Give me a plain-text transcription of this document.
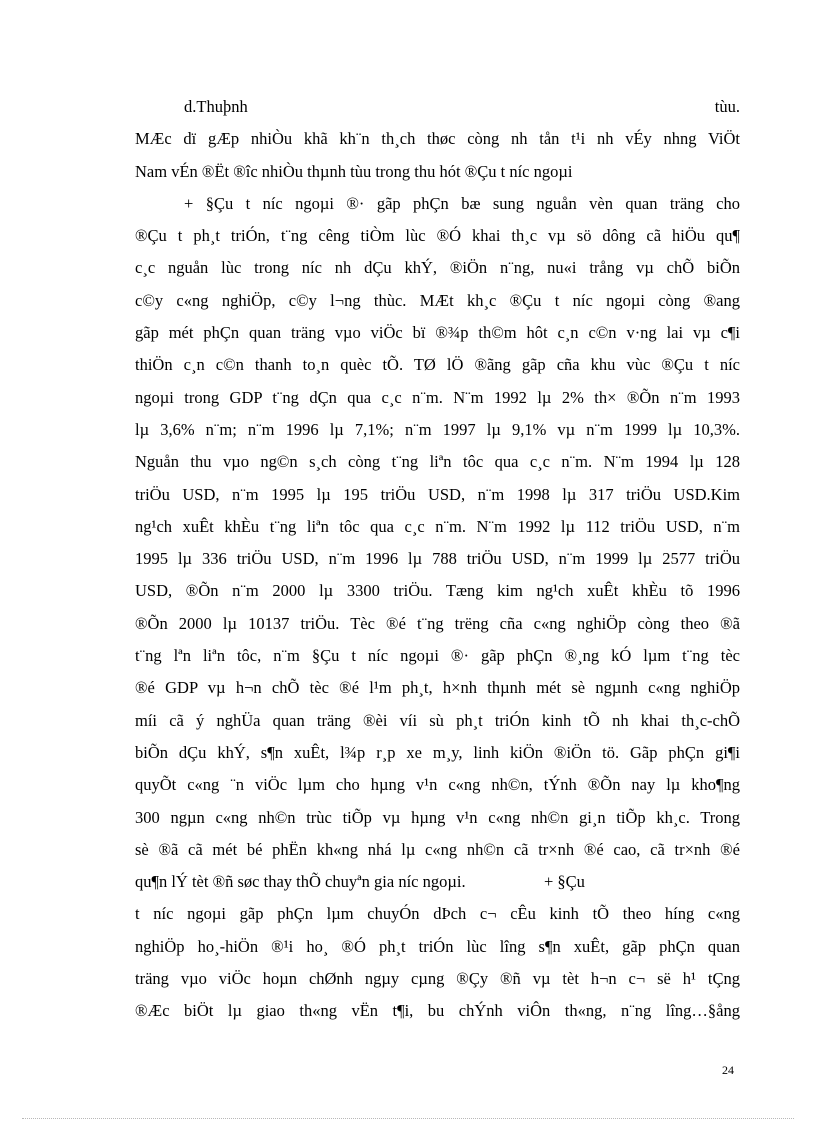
d.Thuþnh	tùu.
MÆc dï gÆp nhiÒu khã kh¨n th¸ch thøc còng nh tån t¹i nh vÉy nhng ViÖt
Nam vÉn ®Ët ®îc nhiÒu thµnh tùu trong thu hót ®Çu t níc ngoµi
+ §Çu t níc ngoµi ®· gãp phÇn bæ sung nguån vèn quan träng cho
®Çu t ph¸t triÓn, t¨ng cêng tiÒm lùc ®Ó khai th¸c vµ sö dông cã hiÖu qu¶
c¸c nguån lùc trong níc nh dÇu khÝ, ®iÖn n¨ng, nu«i trång vµ chÕ biÕn
c©y c«ng nghiÖp, c©y l¬ng thùc. MÆt kh¸c ®Çu t níc ngoµi còng ®ang
gãp mét phÇn quan träng vµo viÖc bï ®¾p th©m hôt c¸n c©n v·ng lai vµ c¶i
thiÖn c¸n c©n thanh to¸n quèc tÕ. TØ lÖ ®ãng gãp cña khu vùc ®Çu t níc
ngoµi trong GDP t¨ng dÇn qua c¸c n¨m. N¨m 1992 lµ 2% th× ®Õn n¨m 1993
lµ 3,6% n¨m; n¨m 1996 lµ 7,1%; n¨m 1997 lµ 9,1% vµ n¨m 1999 lµ 10,3%.
Nguån thu vµo ng©n s¸ch còng t¨ng liªn tôc qua c¸c n¨m. N¨m 1994 lµ 128
triÖu USD, n¨m 1995 lµ 195 triÖu USD, n¨m 1998 lµ 317 triÖu USD.Kim
ng¹ch xuÊt khÈu t¨ng liªn tôc qua c¸c n¨m. N¨m 1992 lµ 112 triÖu USD, n¨m
1995 lµ 336 triÖu USD, n¨m 1996 lµ 788 triÖu USD, n¨m 1999 lµ 2577 triÖu
USD, ®Õn n¨m 2000 lµ 3300 triÖu. Tæng kim ng¹ch xuÊt khÈu tõ 1996
®Õn 2000 lµ 10137 triÖu. Tèc ®é t¨ng trëng cña c«ng nghiÖp còng theo ®ã
t¨ng lªn liªn tôc, n¨m §Çu t níc ngoµi ®· gãp phÇn ®¸ng kÓ lµm t¨ng tèc
®é GDP vµ h¬n chÕ tèc ®é l¹m ph¸t, h×nh thµnh mét sè ngµnh c«ng nghiÖp
míi cã ý nghÜa quan träng ®èi víi sù ph¸t triÓn kinh tÕ nh khai th¸c-chÕ
biÕn dÇu khÝ, s¶n xuÊt, l¾p r¸p xe m¸y, linh kiÖn ®iÖn tö. Gãp phÇn gi¶i
quyÕt c«ng ¨n viÖc lµm cho hµng v¹n c«ng nh©n, tÝnh ®Õn nay lµ kho¶ng
300 ngµn c«ng nh©n trùc tiÕp vµ hµng v¹n c«ng nh©n gi¸n tiÕp kh¸c. Trong
sè ®ã cã mét bé phËn kh«ng nhá lµ c«ng nh©n cã tr×nh ®é cao, cã tr×nh ®é
qu¶n lÝ tèt ®ñ søc thay thÕ chuyªn gia níc ngoµi.                   + §Çu
t níc ngoµi gãp phÇn lµm chuyÓn dÞch c¬ cÊu kinh tÕ theo híng c«ng
nghiÖp ho¸-hiÖn ®¹i ho¸ ®Ó ph¸t triÓn lùc lîng s¶n xuÊt, gãp phÇn quan
träng vµo viÖc hoµn chØnh ngµy cµng ®Çy ®ñ vµ tèt h¬n c¬ së h¹ tÇng
®Æc biÖt lµ giao th«ng vËn t¶i, bu chÝnh viÔn th«ng, n¨ng lîng…§ång
24
